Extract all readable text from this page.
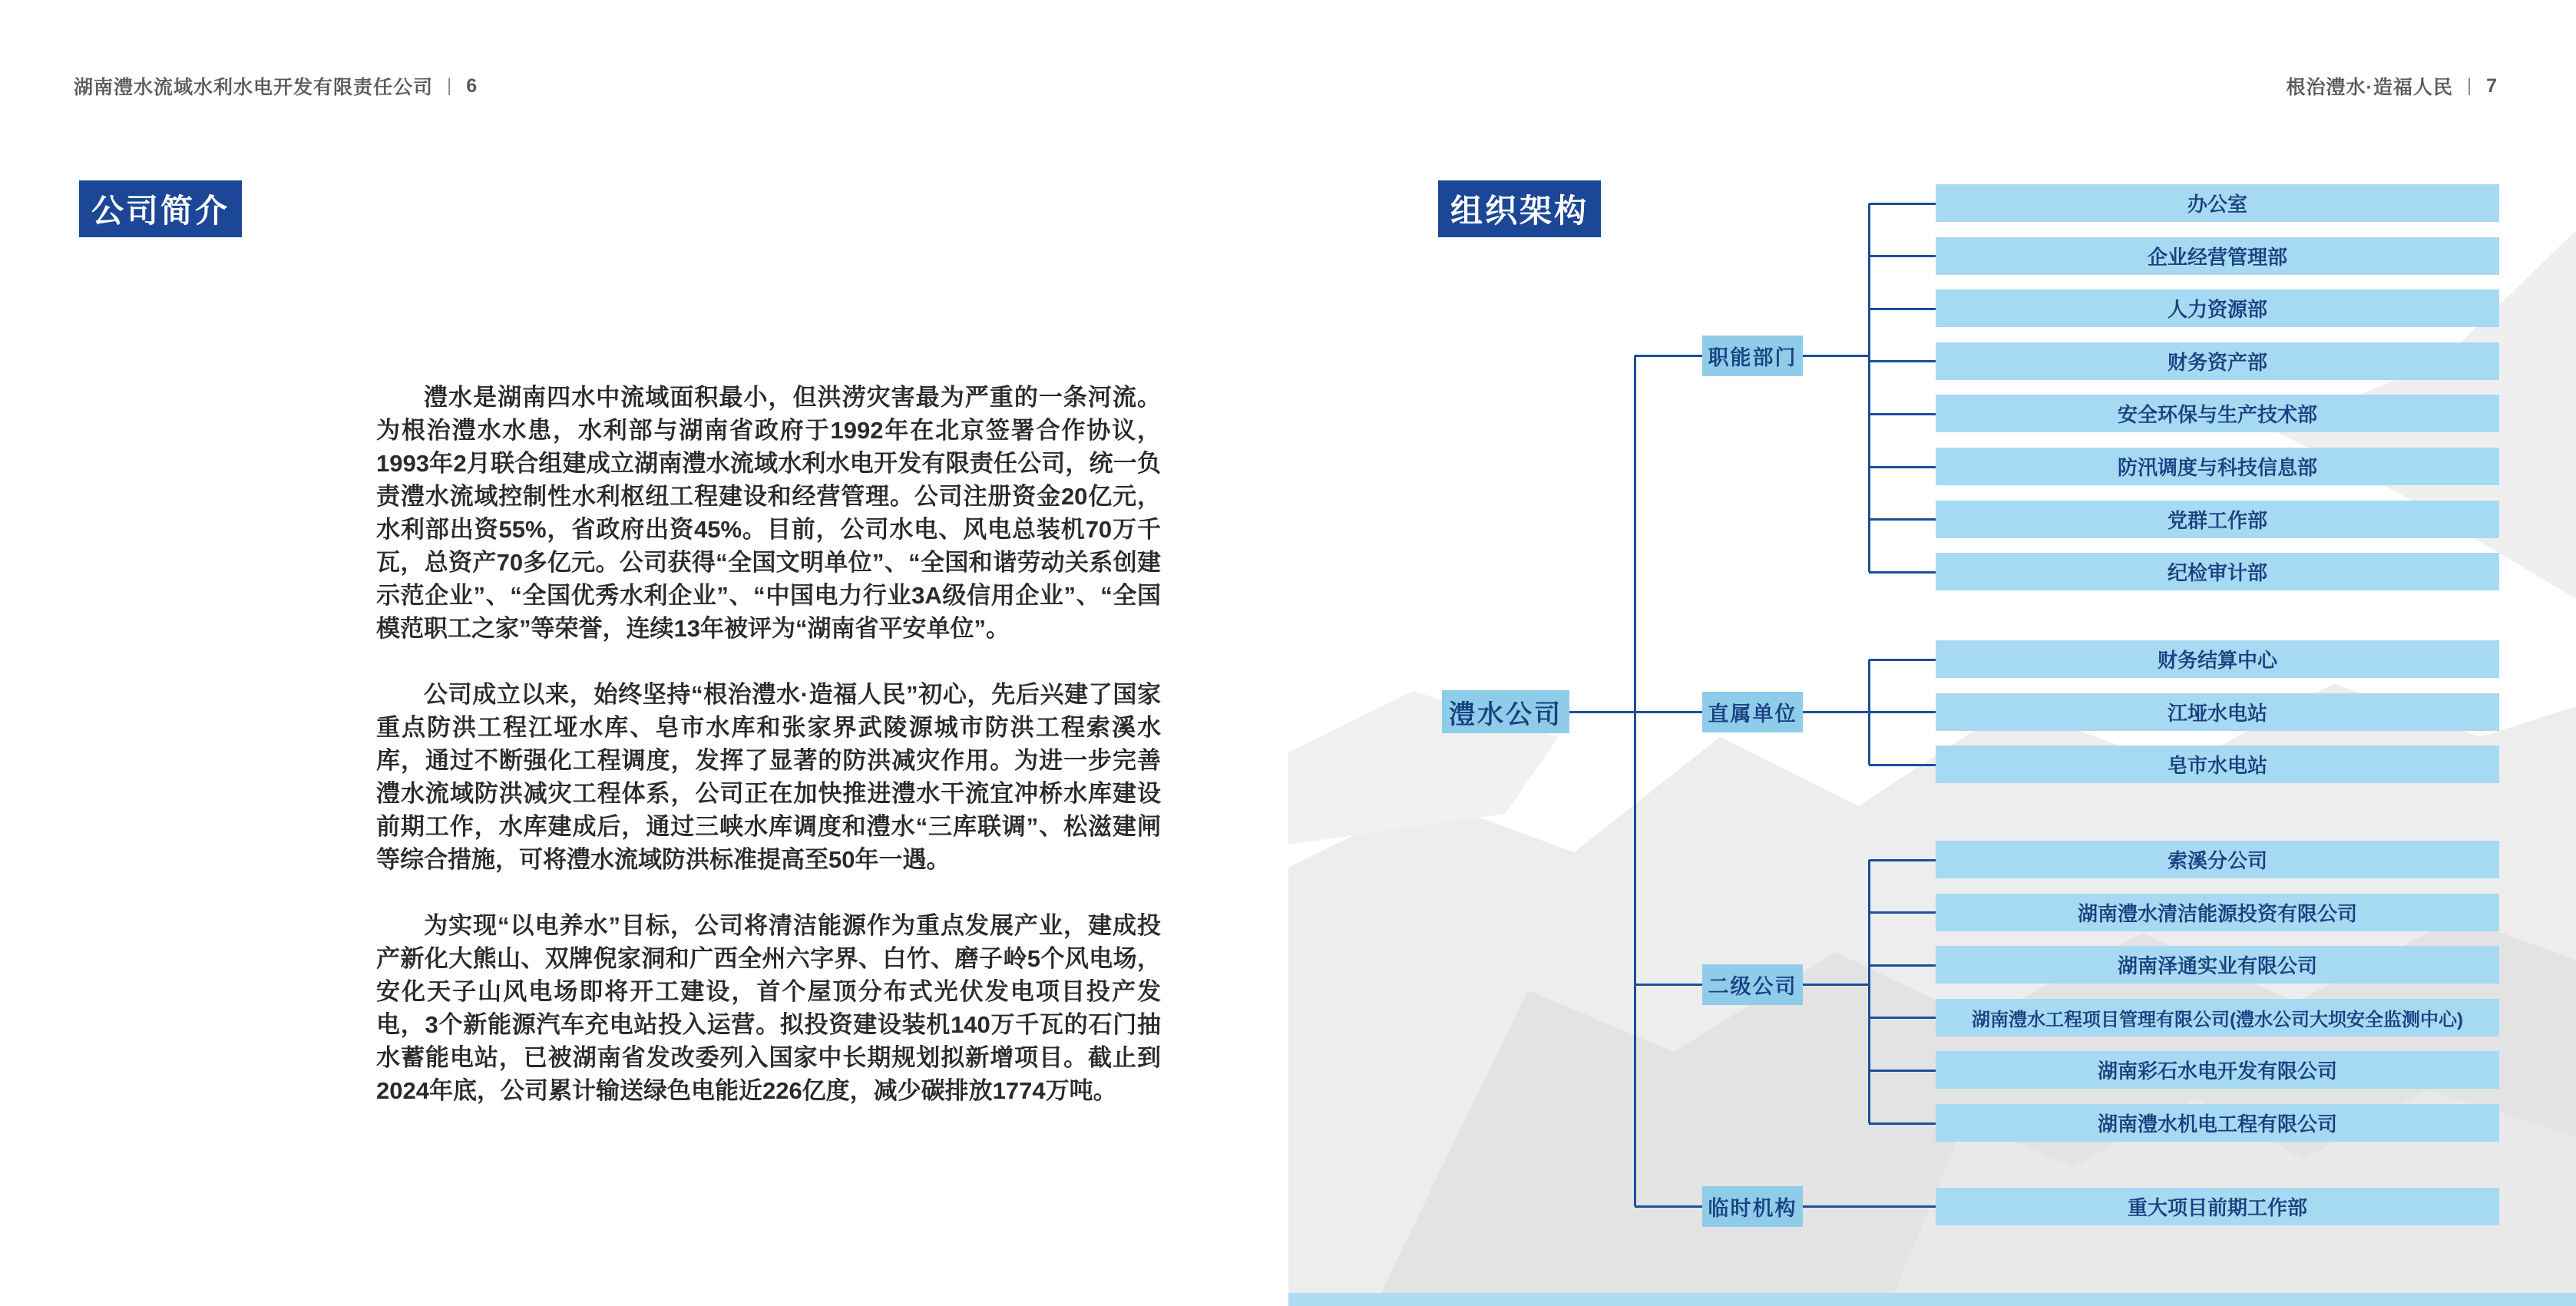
湖南澧水流域水利水电开发有限责任公司 | 6	根治澧水·造福人民 | 7
公司简介	组织架构

澧水是湖南四水中流域面积最小，但洪涝灾害最为严重的一条河流。为根治澧水水患，水利部与湖南省政府于1992年在北京签署合作协议，1993年2月联合组建成立湖南澧水流域水利水电开发有限责任公司，统一负责澧水流域控制性水利枢纽工程建设和经营管理。公司注册资金20亿元，水利部出资55%，省政府出资45%。目前，公司水电、风电总装机70万千瓦，总资产70多亿元。公司获得“全国文明单位”、“全国和谐劳动关系创建示范企业”、“全国优秀水利企业”、“中国电力行业3A级信用企业”、“全国模范职工之家”等荣誉，连续13年被评为“湖南省平安单位”。

公司成立以来，始终坚持“根治澧水·造福人民”初心，先后兴建了国家重点防洪工程江垭水库、皂市水库和张家界武陵源城市防洪工程索溪水库，通过不断强化工程调度，发挥了显著的防洪减灾作用。为进一步完善澧水流域防洪减灾工程体系，公司正在加快推进澧水干流宜冲桥水库建设前期工作，水库建成后，通过三峡水库调度和澧水“三库联调”、松滋建闸等综合措施，可将澧水流域防洪标准提高至50年一遇。

为实现“以电养水”目标，公司将清洁能源作为重点发展产业，建成投产新化大熊山、双牌倪家洞和广西全州六字界、白竹、磨子岭5个风电场，安化天子山风电场即将开工建设，首个屋顶分布式光伏发电项目投产发电，3个新能源汽车充电站投入运营。拟投资建设装机140万千瓦的石门抽水蓄能电站，已被湖南省发改委列入国家中长期规划拟新增项目。截止到2024年底，公司累计输送绿色电能近226亿度，减少碳排放1774万吨。

澧水公司
职能部门
办公室
企业经营管理部
人力资源部
财务资产部
安全环保与生产技术部
防汛调度与科技信息部
党群工作部
纪检审计部
直属单位
财务结算中心
江垭水电站
皂市水电站
二级公司
索溪分公司
湖南澧水清洁能源投资有限公司
湖南泽通实业有限公司
湖南澧水工程项目管理有限公司(澧水公司大坝安全监测中心)
湖南彩石水电开发有限公司
湖南澧水机电工程有限公司
临时机构	重大项目前期工作部
